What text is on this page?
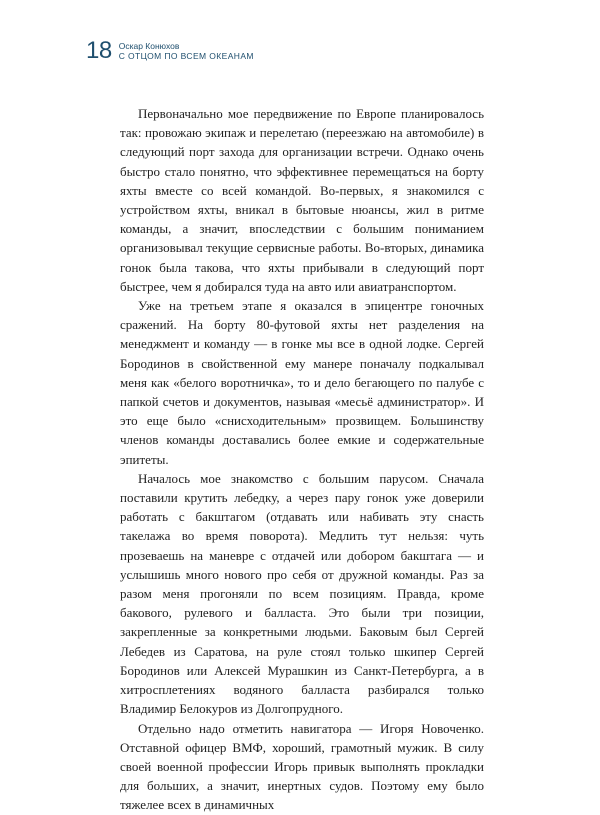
18 Оскар Конюхов
С ОТЦОМ ПО ВСЕМ ОКЕАНАМ

Первоначально мое передвижение по Европе планировалось так: провожаю экипаж и перелетаю (переезжаю на автомобиле) в следующий порт захода для организации встречи. Однако очень быстро стало понятно, что эффективнее перемещаться на борту яхты вместе со всей командой. Во-первых, я знакомился с устройством яхты, вникал в бытовые нюансы, жил в ритме команды, а значит, впоследствии с большим пониманием организовывал текущие сервисные работы. Во-вторых, динамика гонок была такова, что яхты прибывали в следующий порт быстрее, чем я добирался туда на авто или авиатранспортом.

Уже на третьем этапе я оказался в эпицентре гоночных сражений. На борту 80-футовой яхты нет разделения на менеджмент и команду — в гонке мы все в одной лодке. Сергей Бородинов в свойственной ему манере поначалу подкалывал меня как «белого воротничка», то и дело бегающего по палубе с папкой счетов и документов, называя «месьё администратор». И это еще было «снисходительным» прозвищем. Большинству членов команды доставались более емкие и содержательные эпитеты.

Началось мое знакомство с большим парусом. Сначала поставили крутить лебедку, а через пару гонок уже доверили работать с бакштагом (отдавать или набивать эту снасть такелажа во время поворота). Медлить тут нельзя: чуть прозеваешь на маневре с отдачей или добором бакштага — и услышишь много нового про себя от дружной команды. Раз за разом меня прогоняли по всем позициям. Правда, кроме бакового, рулевого и балласта. Это были три позиции, закрепленные за конкретными людьми. Баковым был Сергей Лебедев из Саратова, на руле стоял только шкипер Сергей Бородинов или Алексей Мурашкин из Санкт-Петербурга, а в хитросплетениях водяного балласта разбирался только Владимир Белокуров из Долгопрудного.

Отдельно надо отметить навигатора — Игоря Новоченко. Отставной офицер ВМФ, хороший, грамотный мужик. В силу своей военной профессии Игорь привык выполнять прокладки для больших, а значит, инертных судов. Поэтому ему было тяжелее всех в динамичных
